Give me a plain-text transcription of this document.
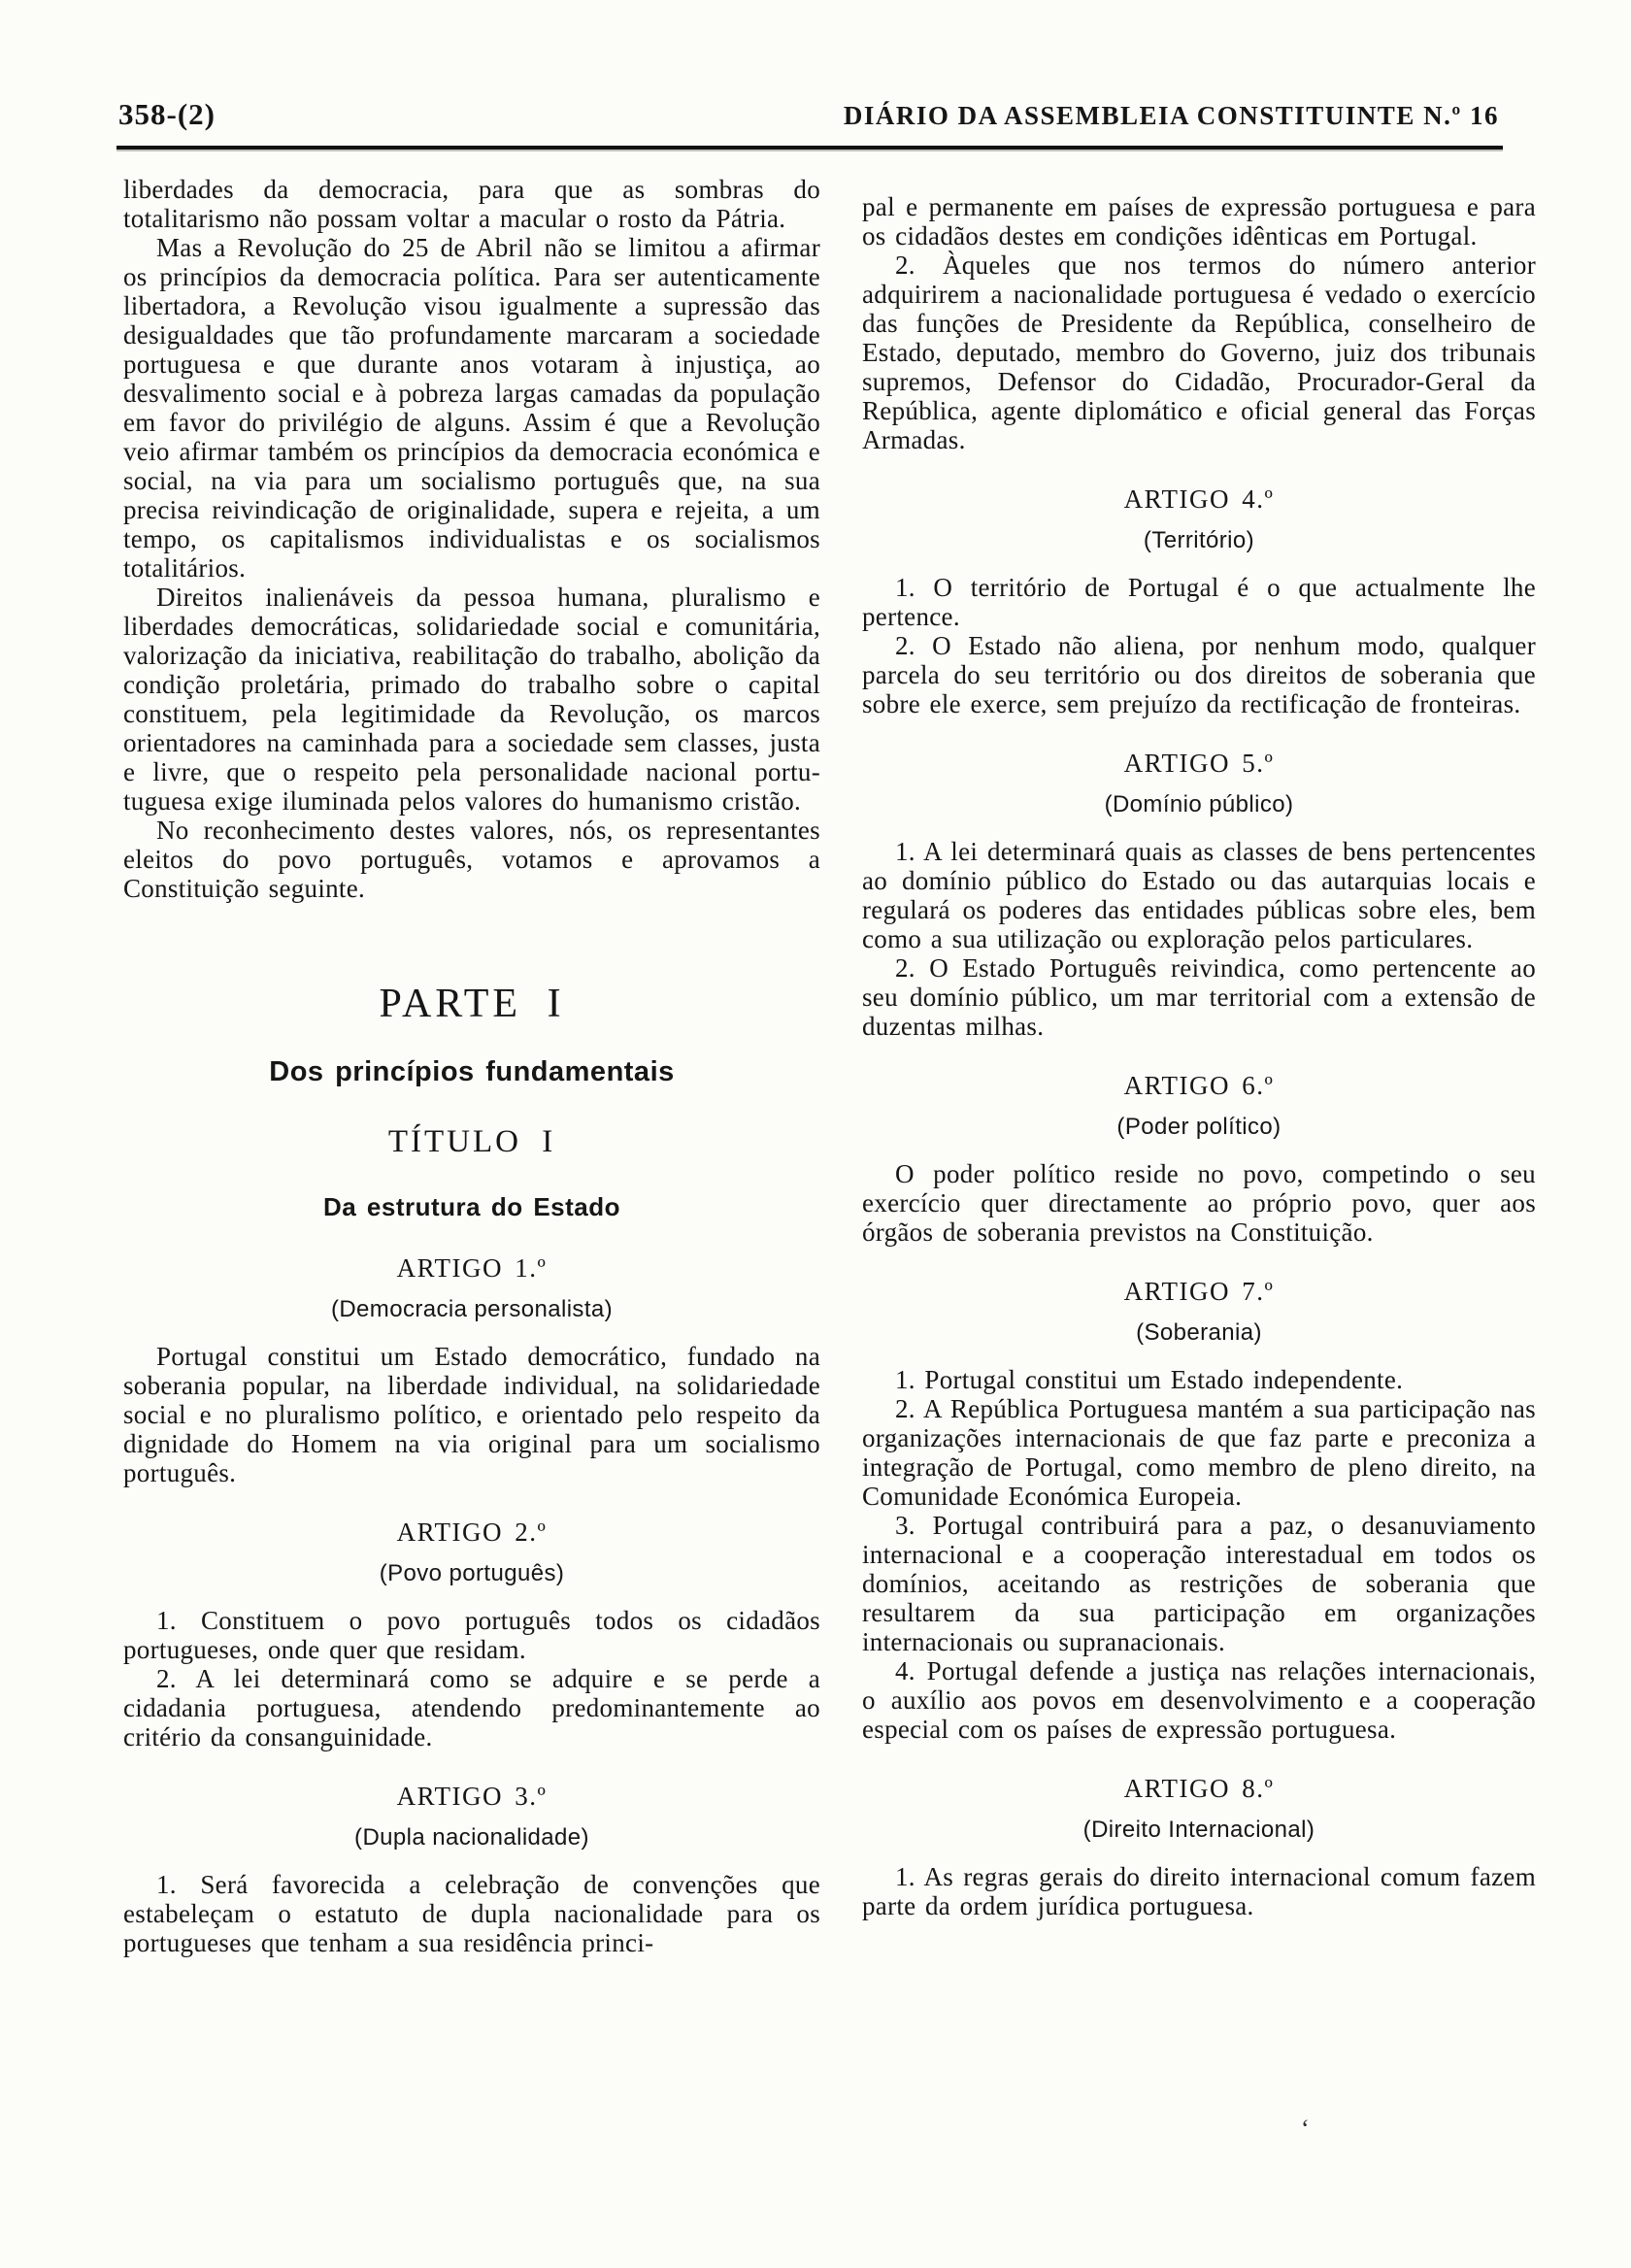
358-(2)	DIÁRIO DA ASSEMBLEIA CONSTITUINTE N.º 16

liberdades da democracia, para que as sombras do totalitarismo não possam voltar a macular o rosto da Pátria.

Mas a Revolução do 25 de Abril não se limitou a afirmar os princípios da democracia política. Para ser autenticamente libertadora, a Revolução visou igualmente a supressão das desigualdades que tão profundamente marcaram a sociedade portuguesa e que durante anos votaram à injustiça, ao desvalimento social e à pobreza largas camadas da população em favor do privilégio de alguns. Assim é que a Revolução veio afirmar também os princípios da democracia económica e social, na via para um socialismo português que, na sua precisa reivindicação de originalidade, supera e rejeita, a um tempo, os capitalismos individualistas e os socialismos totalitários.

Direitos inalienáveis da pessoa humana, pluralismo e liberdades democráticas, solidariedade social e comunitária, valorização da iniciativa, reabilitação do trabalho, abolição da condição proletária, primado do trabalho sobre o capital constituem, pela legitimidade da Revolução, os marcos orientadores na caminhada para a sociedade sem classes, justa e livre, que o respeito pela personalidade nacional portu-tuguesa exige iluminada pelos valores do humanismo cristão.

No reconhecimento destes valores, nós, os representantes eleitos do povo português, votamos e aprovamos a Constituição seguinte.

PARTE I
Dos princípios fundamentais
TÍTULO I
Da estrutura do Estado
ARTIGO 1.º
(Democracia personalista)

Portugal constitui um Estado democrático, fundado na soberania popular, na liberdade individual, na solidariedade social e no pluralismo político, e orientado pelo respeito da dignidade do Homem na via original para um socialismo português.

ARTIGO 2.º
(Povo português)

1. Constituem o povo português todos os cidadãos portugueses, onde quer que residam.

2. A lei determinará como se adquire e se perde a cidadania portuguesa, atendendo predominantemente ao critério da consanguinidade.

ARTIGO 3.º
(Dupla nacionalidade)

1. Será favorecida a celebração de convenções que estabeleçam o estatuto de dupla nacionalidade para os portugueses que tenham a sua residência princi-

pal e permanente em países de expressão portuguesa e para os cidadãos destes em condições idênticas em Portugal.

2. Àqueles que nos termos do número anterior adquirirem a nacionalidade portuguesa é vedado o exercício das funções de Presidente da República, conselheiro de Estado, deputado, membro do Governo, juiz dos tribunais supremos, Defensor do Cidadão, Procurador-Geral da República, agente diplomático e oficial general das Forças Armadas.

ARTIGO 4.º
(Território)

1. O território de Portugal é o que actualmente lhe pertence.

2. O Estado não aliena, por nenhum modo, qualquer parcela do seu território ou dos direitos de soberania que sobre ele exerce, sem prejuízo da rectificação de fronteiras.

ARTIGO 5.º
(Domínio público)

1. A lei determinará quais as classes de bens pertencentes ao domínio público do Estado ou das autarquias locais e regulará os poderes das entidades públicas sobre eles, bem como a sua utilização ou exploração pelos particulares.

2. O Estado Português reivindica, como pertencente ao seu domínio público, um mar territorial com a extensão de duzentas milhas.

ARTIGO 6.º
(Poder político)

O poder político reside no povo, competindo o seu exercício quer directamente ao próprio povo, quer aos órgãos de soberania previstos na Constituição.

ARTIGO 7.º
(Soberania)

1. Portugal constitui um Estado independente.

2. A República Portuguesa mantém a sua participação nas organizações internacionais de que faz parte e preconiza a integração de Portugal, como membro de pleno direito, na Comunidade Económica Europeia.

3. Portugal contribuirá para a paz, o desanuviamento internacional e a cooperação interestadual em todos os domínios, aceitando as restrições de soberania que resultarem da sua participação em organizações internacionais ou supranacionais.

4. Portugal defende a justiça nas relações internacionais, o auxílio aos povos em desenvolvimento e a cooperação especial com os países de expressão portuguesa.

ARTIGO 8.º
(Direito Internacional)

1. As regras gerais do direito internacional comum fazem parte da ordem jurídica portuguesa.

‘
